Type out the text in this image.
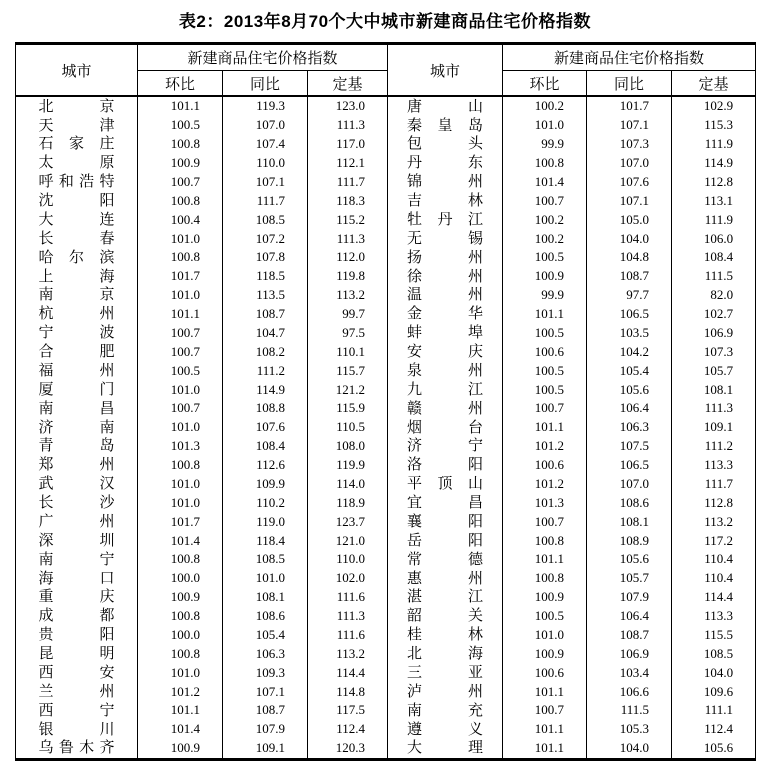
表2：2013年8月70个大中城市新建商品住宅价格指数
城市	新建商品住宅价格指数			城市	新建商品住宅价格指数		
	环比	同比	定基		环比	同比	定基
北京	101.1	119.3	123.0	唐山	100.2	101.7	102.9
天津	100.5	107.0	111.3	秦皇岛	101.0	107.1	115.3
石家庄	100.8	107.4	117.0	包头	99.9	107.3	111.9
太原	100.9	110.0	112.1	丹东	100.8	107.0	114.9
呼和浩特	100.7	107.1	111.7	锦州	101.4	107.6	112.8
沈阳	100.8	111.7	118.3	吉林	100.7	107.1	113.1
大连	100.4	108.5	115.2	牡丹江	100.2	105.0	111.9
长春	101.0	107.2	111.3	无锡	100.2	104.0	106.0
哈尔滨	100.8	107.8	112.0	扬州	100.5	104.8	108.4
上海	101.7	118.5	119.8	徐州	100.9	108.7	111.5
南京	101.0	113.5	113.2	温州	99.9	97.7	82.0
杭州	101.1	108.7	99.7	金华	101.1	106.5	102.7
宁波	100.7	104.7	97.5	蚌埠	100.5	103.5	106.9
合肥	100.7	108.2	110.1	安庆	100.6	104.2	107.3
福州	100.5	111.2	115.7	泉州	100.5	105.4	105.7
厦门	101.0	114.9	121.2	九江	100.5	105.6	108.1
南昌	100.7	108.8	115.9	赣州	100.7	106.4	111.3
济南	101.0	107.6	110.5	烟台	101.1	106.3	109.1
青岛	101.3	108.4	108.0	济宁	101.2	107.5	111.2
郑州	100.8	112.6	119.9	洛阳	100.6	106.5	113.3
武汉	101.0	109.9	114.0	平顶山	101.2	107.0	111.7
长沙	101.0	110.2	118.9	宜昌	101.3	108.6	112.8
广州	101.7	119.0	123.7	襄阳	100.7	108.1	113.2
深圳	101.4	118.4	121.0	岳阳	100.8	108.9	117.2
南宁	100.8	108.5	110.0	常德	101.1	105.6	110.4
海口	100.0	101.0	102.0	惠州	100.8	105.7	110.4
重庆	100.9	108.1	111.6	湛江	100.9	107.9	114.4
成都	100.8	108.6	111.3	韶关	100.5	106.4	113.3
贵阳	100.0	105.4	111.6	桂林	101.0	108.7	115.5
昆明	100.8	106.3	113.2	北海	100.9	106.9	108.5
西安	101.0	109.3	114.4	三亚	100.6	103.4	104.0
兰州	101.2	107.1	114.8	泸州	101.1	106.6	109.6
西宁	101.1	108.7	117.5	南充	100.7	111.5	111.1
银川	101.4	107.9	112.4	遵义	101.1	105.3	112.4
乌鲁木齐	100.9	109.1	120.3	大理	101.1	104.0	105.6
